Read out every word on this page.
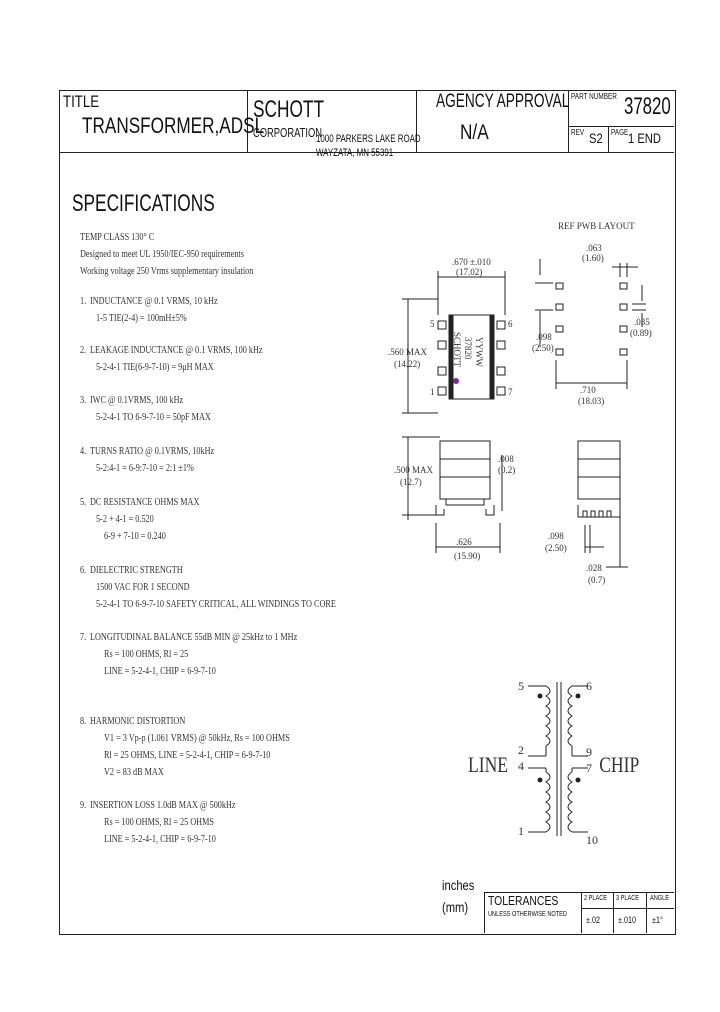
TITLE
TRANSFORMER,ADSL
SCHOTT
CORPORATION
1000 PARKERS LAKE ROAD
WAYZATA, MN 55391
AGENCY APPROVAL
N/A
PART NUMBER 37820
REV S2 PAGE 1 END
SPECIFICATIONS
TEMP CLASS 130° C
Designed to meet UL 1950/IEC-950 requirements
Working voltage 250 Vrms supplementary insulation
1. INDUCTANCE @ 0.1 VRMS, 10 kHz
1-5 TIE(2-4) = 100mH±5%
2. LEAKAGE INDUCTANCE @ 0.1 VRMS, 100 kHz
5-2-4-1 TIE(6-9-7-10) = 9μH MAX
3. IWC @ 0.1VRMS, 100 kHz
5-2-4-1 TO 6-9-7-10 = 50pF MAX
4. TURNS RATIO @ 0.1VRMS, 10kHz
5-2:4-1 = 6-9:7-10 = 2:1 ±1%
5. DC RESISTANCE OHMS MAX
5-2 + 4-1 = 0.520
6-9 + 7-10 = 0.240
6. DIELECTRIC STRENGTH
1500 VAC FOR 1 SECOND
5-2-4-1 TO 6-9-7-10 SAFETY CRITICAL, ALL WINDINGS TO CORE
7. LONGITUDINAL BALANCE 55dB MIN @ 25kHz to 1 MHz
Rs = 100 OHMS, Rl = 25
LINE = 5-2-4-1, CHIP = 6-9-7-10
8. HARMONIC DISTORTION
V1 = 3 Vp-p (1.061 VRMS) @ 50kHz, Rs = 100 OHMS
Rl = 25 OHMS, LINE = 5-2-4-1, CHIP = 6-9-7-10
V2 = 83 dB MAX
9. INSERTION LOSS 1.0dB MAX @ 500kHz
Rs = 100 OHMS, Rl = 25 OHMS
LINE = 5-2-4-1, CHIP = 6-9-7-10
SCHOTT 37820 YYWW
5
1
6
7
.670 ±.010
(17.02)
.560 MAX
(14.22)
REF PWB LAYOUT
.063
(1.60)
.098
(2.50)
.035
(0.89)
.710
(18.03)
.500 MAX
(12.7)
.008
(0.2)
.626
(15.90)
.098
(2.50)
.028
(0.7)
5
2
4
1
6
9
7
10
LINE	CHIP
inches
(mm) TOLERANCES
UNLESS OTHERWISE NOTED
2 PLACE 3 PLACE ANGLE
±.02 ±.010 ±1°
